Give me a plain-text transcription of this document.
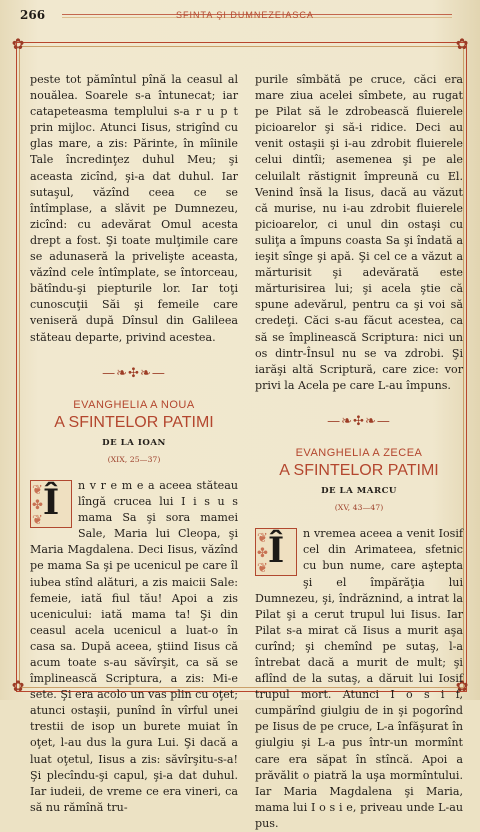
✿	✿
✿	✿
266	SFINTA ŞI DUMNEZEIASCA

peste tot pămîntul pînă la ceasul al nouălea. Soarele s-a întunecat; iar catapeteasma templului s-a r u p t prin mijloc. Atunci Iisus, strigînd cu glas mare, a zis: Părinte, în mîinile Tale încredinţez duhul Meu; şi aceasta zicînd, şi-a dat duhul. Iar sutaşul, văzînd ceea ce se întîmplase, a slăvit pe Dumnezeu, zicînd: cu adevărat Omul acesta drept a fost. Şi toate mulţimile care se adunaseră la privelişte aceasta, văzînd cele întîmplate, se întorceau, bătîndu-şi piepturile lor. Iar toţi cunoscuţii Săi şi femeile care veniseră după Dînsul din Galileea stăteau departe, privind acestea.

—❧✣❧—

EVANGHELIA A NOUA

A SFINTELOR PATIMI

DE LA IOAN

(XIX, 25—37)

❦
✤
❦
Î	n v r e m e a aceea stăteau lîngă crucea lui I i s u s mama Sa şi sora mamei Sale, Maria lui Cleopa, şi Maria Magdalena. Deci Iisus, văzînd pe mama Sa şi pe ucenicul pe care îl iubea stînd alături, a zis maicii Sale: femeie, iată fiul tău! Apoi a zis ucenicului: iată mama ta! Şi din ceasul acela ucenicul a luat-o în casa sa. După aceea, ştiind Iisus că acum toate s-au săvîrşit, ca să se împlinească Scriptura, a zis: Mi-e sete. Şi era acolo un vas plin cu oţet; atunci ostaşii, punînd în vîrful unei trestii de isop un burete muiat în oţet, l-au dus la gura Lui. Şi dacă a luat oţetul, Iisus a zis: săvîrşitu-s-a! Şi plecîndu-şi capul, şi-a dat duhul. Iar iudeii, de vreme ce era vineri, ca să nu rămînă tru-

purile sîmbătă pe cruce, căci era mare ziua acelei sîmbete, au rugat pe Pilat să le zdrobească fluierele picioarelor şi să-i ridice. Deci au venit ostaşii şi i-au zdrobit fluierele celui dintîi; asemenea şi pe ale celuilalt răstignit împreună cu El. Venind însă la Iisus, dacă au văzut că murise, nu i-au zdrobit fluierele picioarelor, ci unul din ostaşi cu suliţa a împuns coasta Sa şi îndată a ieşit sînge şi apă. Şi cel ce a văzut a mărturisit şi adevărată este mărturisirea lui; şi acela ştie că spune adevărul, pentru ca şi voi să credeţi. Căci s-au făcut acestea, ca să se împlinească Scriptura: nici un os dintr-Însul nu se va zdrobi. Şi iarăşi altă Scriptură, care zice: vor privi la Acela pe care L-au împuns.

—❧✣❧—

EVANGHELIA A ZECEA

A SFINTELOR PATIMI

DE LA MARCU

(XV, 43—47)

❦
✤
❦
Î	n vremea aceea a venit Iosif cel din Arimateea, sfetnic cu bun nume, care aştepta şi el împărăţia lui Dumnezeu, şi, îndrăznind, a intrat la Pilat şi a cerut trupul lui Iisus. Iar Pilat s-a mirat că Iisus a murit aşa curînd; şi chemînd pe sutaş, l-a întrebat dacă a murit de mult; şi aflînd de la sutaş, a dăruit lui Iosif trupul mort. Atunci I o s i f, cumpărînd giulgiu de in şi pogorînd pe Iisus de pe cruce, L-a înfăşurat în giulgiu şi L-a pus într-un mormînt care era săpat în stîncă. Apoi a prăvălit o piatră la uşa mormîntului. Iar Maria Magdalena şi Maria, mama lui I o s i e, priveau unde L-au pus.
